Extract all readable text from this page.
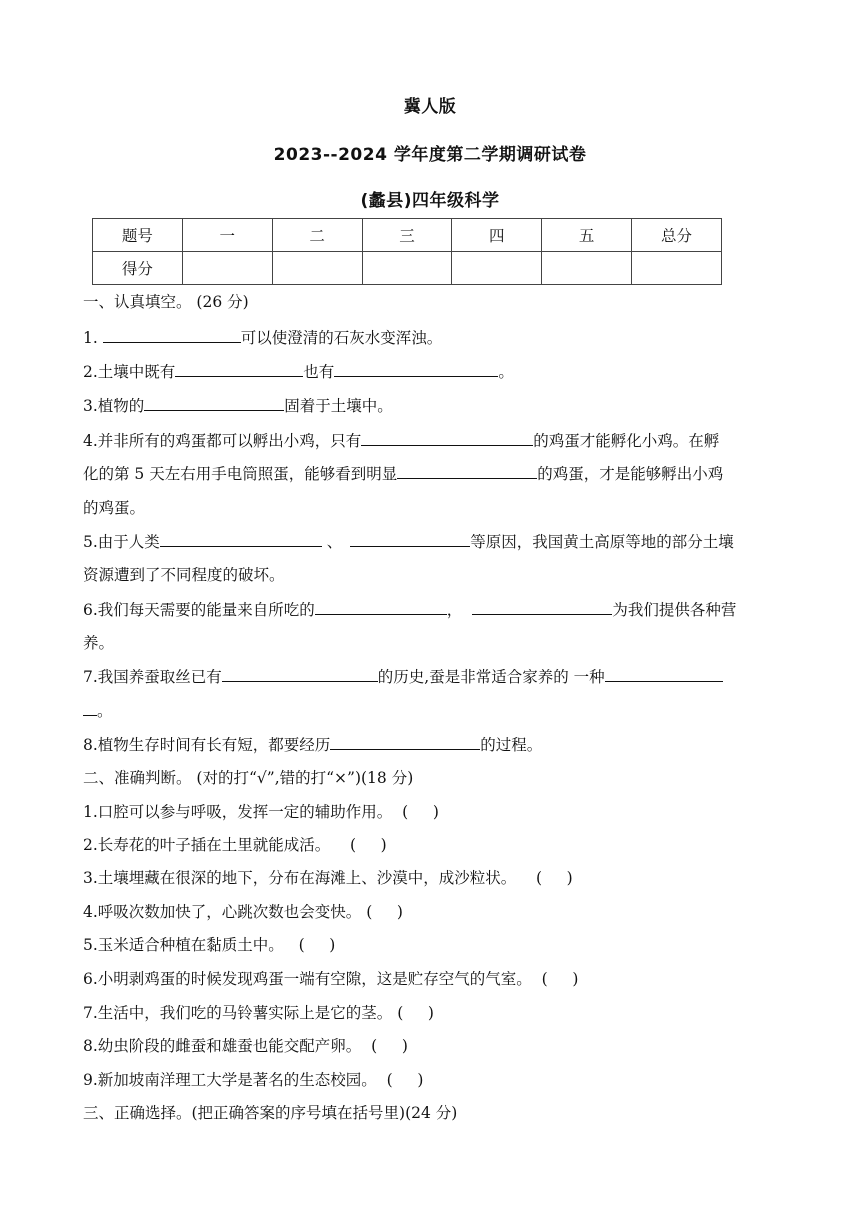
冀人版
2023--2024 学年度第二学期调研试卷
(蠡县)四年级科学
题号	一	二	三	四	五	总分
得分						
一、认真填空。 (26 分)
1.	可以使澄清的石灰水变浑浊。
2.土壤中既有	也有	。
3.植物的	固着于土壤中。
4.并非所有的鸡蛋都可以孵出小鸡，只有	的鸡蛋才能孵化小鸡。在孵
化的第 5 天左右用手电筒照蛋，能够看到明显	的鸡蛋，才是能够孵出小鸡
的鸡蛋。
5.由于人类	、	等原因，我国黄土高原等地的部分土壤
资源遭到了不同程度的破坏。
6.我们每天需要的能量来自所吃的	，	为我们提供各种营
养。
7.我国养蚕取丝已有	的历史,蚕是非常适合家养的 一种
。
8.植物生存时间有长有短，都要经历	的过程。
二、准确判断。 (对的打“√”,错的打“×”)(18 分)
1.口腔可以参与呼吸，发挥一定的辅助作用。  (     )
2.长寿花的叶子插在土里就能成活。    (     )
3.土壤埋藏在很深的地下，分布在海滩上、沙漠中，成沙粒状。    (     )
4.呼吸次数加快了，心跳次数也会变快。 (     )
5.玉米适合种植在黏质土中。   (     )
6.小明剥鸡蛋的时候发现鸡蛋一端有空隙，这是贮存空气的气室。  (     )
7.生活中，我们吃的马铃薯实际上是它的茎。 (     )
8.幼虫阶段的雌蚕和雄蚕也能交配产卵。  (     )
9.新加坡南洋理工大学是著名的生态校园。  (     )
三、正确选择。(把正确答案的序号填在括号里)(24 分)
